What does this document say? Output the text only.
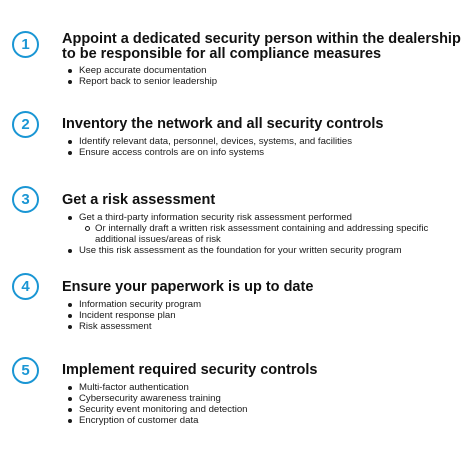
1	Appoint a dedicated security person within the dealership to be responsible for all compliance measures
Keep accurate documentation
Report back to senior leadership
2	Inventory the network and all security controls
Identify relevant data, personnel, devices, systems, and facilities
Ensure access controls are on info systems
3	Get a risk assessment
Get a third-party information security risk assessment performed
Or internally draft a written risk assessment containing and addressing specific additional issues/areas of risk
Use this risk assessment as the foundation for your written security program
4	Ensure your paperwork is up to date
Information security program
Incident response plan
Risk assessment
5	Implement required security controls
Multi-factor authentication
Cybersecurity awareness training
Security event monitoring and detection
Encryption of customer data
